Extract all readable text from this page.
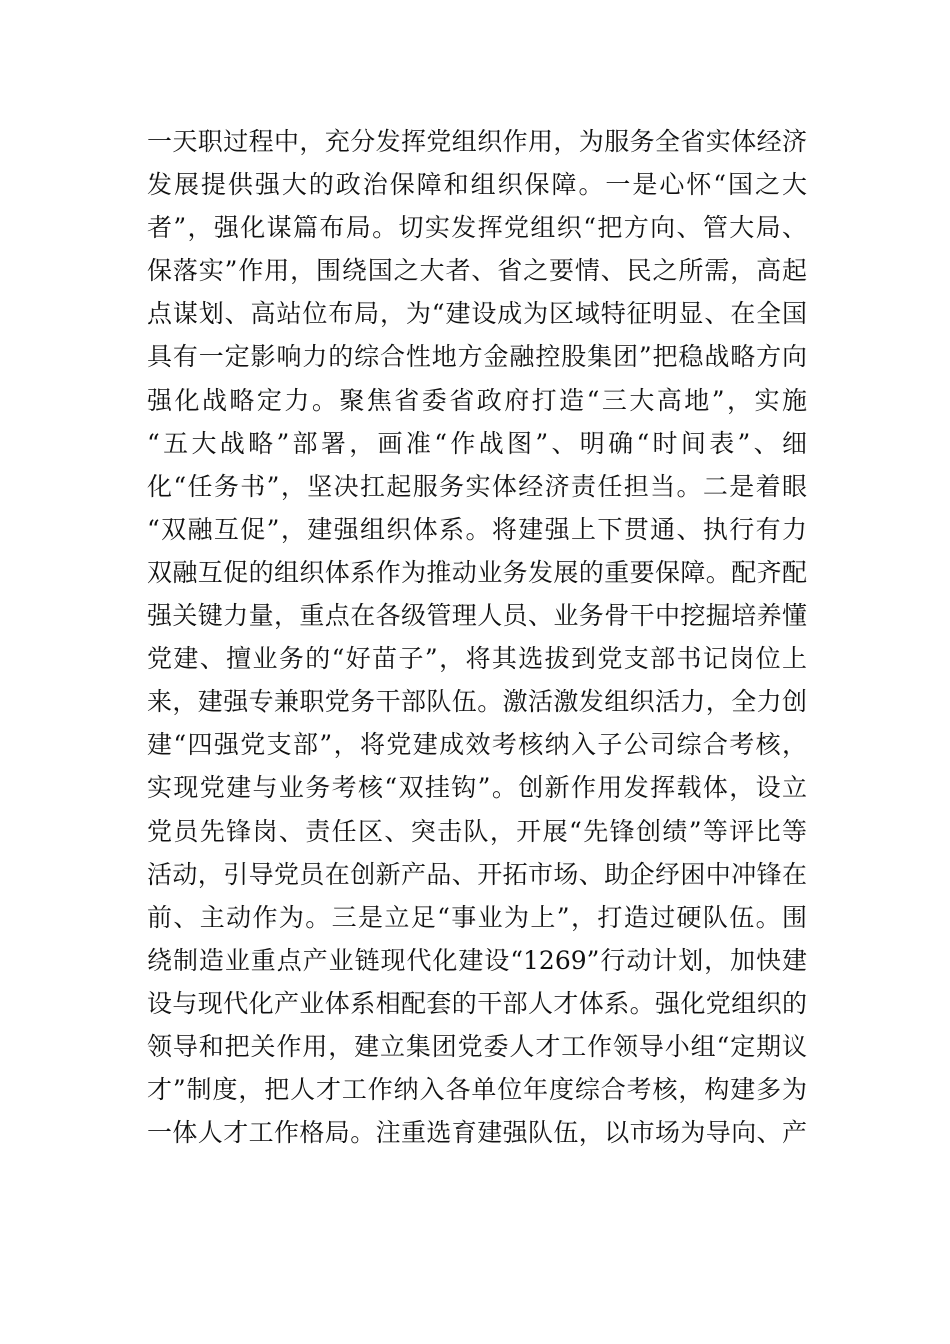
一天职过程中，充分发挥党组织作用，为服务全省实体经济
发展提供强大的政治保障和组织保障。一是心怀“国之大
者”，强化谋篇布局。切实发挥党组织“把方向、管大局、
保落实”作用，围绕国之大者、省之要情、民之所需，高起
点谋划、高站位布局，为“建设成为区域特征明显、在全国
具有一定影响力的综合性地方金融控股集团”把稳战略方向
强化战略定力。聚焦省委省政府打造“三大高地”，实施
“五大战略”部署，画准“作战图”、明确“时间表”、细
化“任务书”，坚决扛起服务实体经济责任担当。二是着眼
“双融互促”，建强组织体系。将建强上下贯通、执行有力
双融互促的组织体系作为推动业务发展的重要保障。配齐配
强关键力量，重点在各级管理人员、业务骨干中挖掘培养懂
党建、擅业务的“好苗子”，将其选拔到党支部书记岗位上
来，建强专兼职党务干部队伍。激活激发组织活力，全力创
建“四强党支部”，将党建成效考核纳入子公司综合考核，
实现党建与业务考核“双挂钩”。创新作用发挥载体，设立
党员先锋岗、责任区、突击队，开展“先锋创绩”等评比等
活动，引导党员在创新产品、开拓市场、助企纾困中冲锋在
前、主动作为。三是立足“事业为上”，打造过硬队伍。围
绕制造业重点产业链现代化建设“1269”行动计划，加快建
设与现代化产业体系相配套的干部人才体系。强化党组织的
领导和把关作用，建立集团党委人才工作领导小组“定期议
才”制度，把人才工作纳入各单位年度综合考核，构建多为
一体人才工作格局。注重选育建强队伍，以市场为导向、产
